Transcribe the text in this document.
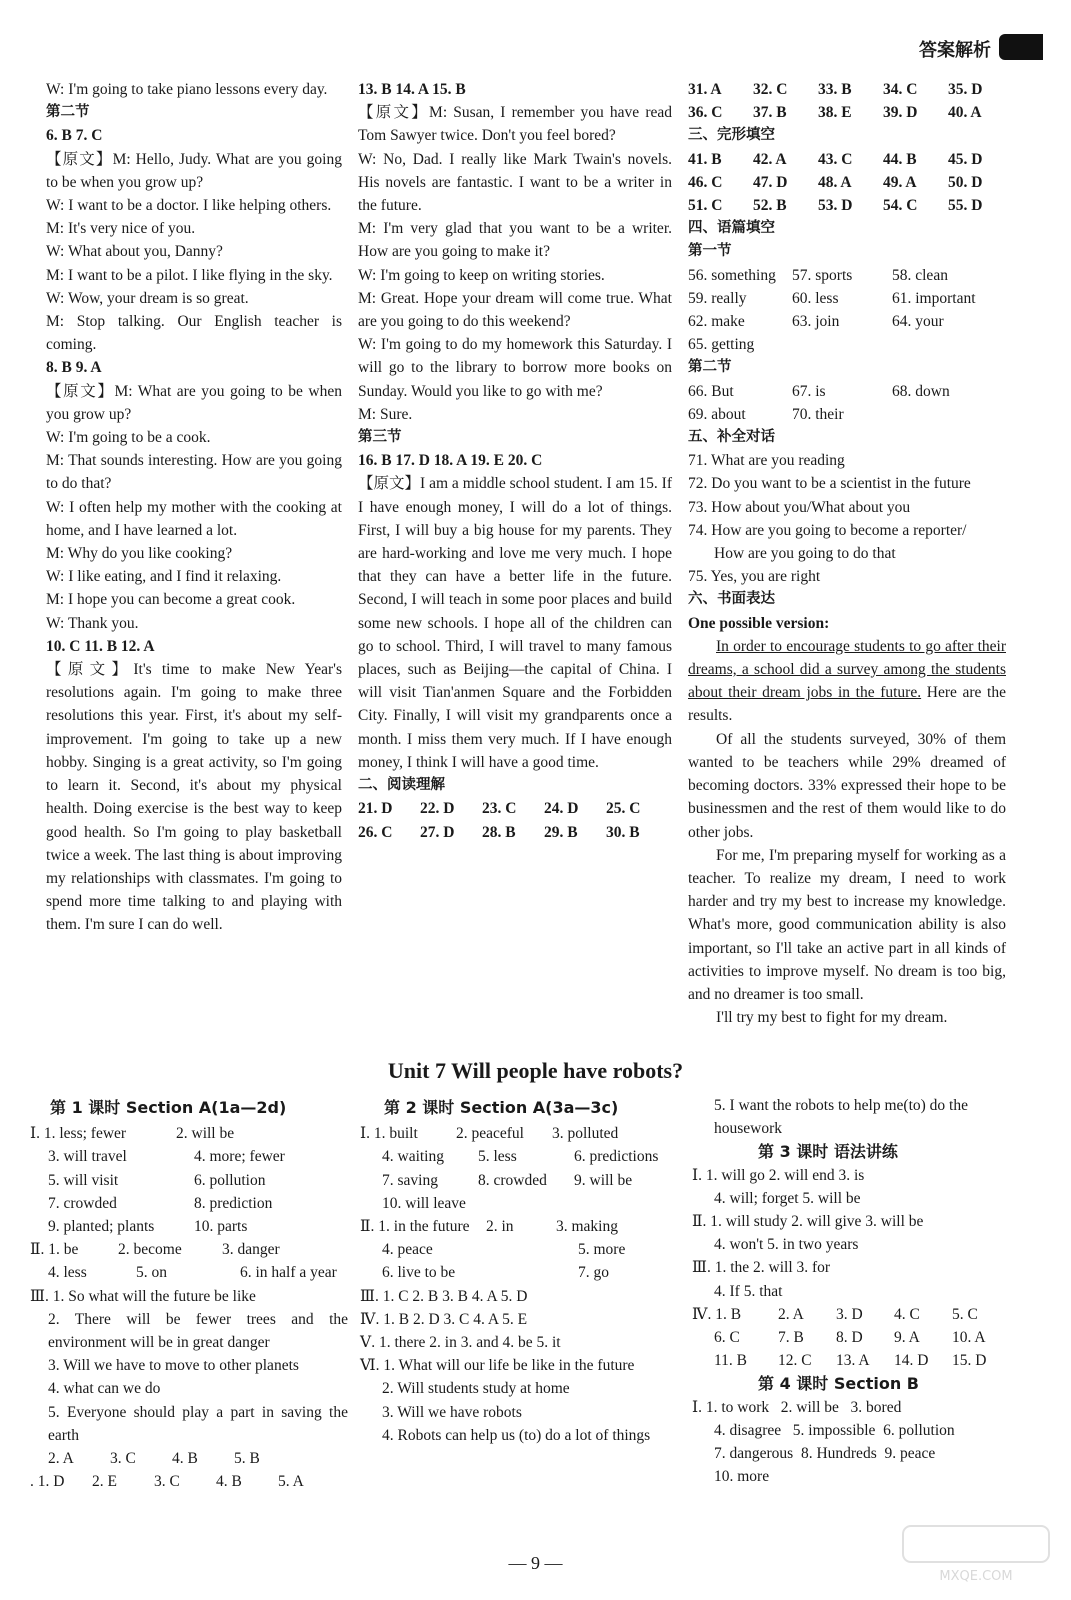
答案解析
W: I'm going to take piano lessons every day.
第二节
6. B 7. C
【原文】M: Hello, Judy. What are you going to be when you grow up?
W: I want to be a doctor. I like helping others.
M: It's very nice of you.
W: What about you, Danny?
M: I want to be a pilot. I like flying in the sky.
W: Wow, your dream is so great.
M: Stop talking. Our English teacher is coming.
8. B 9. A
【原文】M: What are you going to be when you grow up?
W: I'm going to be a cook.
M: That sounds interesting. How are you going to do that?
W: I often help my mother with the cooking at home, and I have learned a lot.
M: Why do you like cooking?
W: I like eating, and I find it relaxing.
M: I hope you can become a great cook.
W: Thank you.
10. C 11. B 12. A
【原文】It's time to make New Year's resolutions again. I'm going to make three resolutions this year. First, it's about my self-improvement. I'm going to take up a new hobby. Singing is a great activity, so I'm going to learn it. Second, it's about my physical health. Doing exercise is the best way to keep good health. So I'm going to play basketball twice a week. The last thing is about improving my relationships with classmates. I'm going to spend more time talking to and playing with them. I'm sure I can do well.
13. B 14. A 15. B
【原文】M: Susan, I remember you have read Tom Sawyer twice. Don't you feel bored?
W: No, Dad. I really like Mark Twain's novels. His novels are fantastic. I want to be a writer in the future.
M: I'm very glad that you want to be a writer. How are you going to make it?
W: I'm going to keep on writing stories.
M: Great. Hope your dream will come true. What are you going to do this weekend?
W: I'm going to do my homework this Saturday. I will go to the library to borrow more books on Sunday. Would you like to go with me?
M: Sure.
第三节
16. B 17. D 18. A 19. E 20. C
【原文】I am a middle school student. I am 15. If I have enough money, I will do a lot of things. First, I will buy a big house for my parents. They are hard-working and love me very much. I hope that they can have a better life in the future. Second, I will teach in some poor places and build some new schools. I hope all of the children can go to school. Third, I will travel to many famous places, such as Beijing—the capital of China. I will visit Tian'anmen Square and the Forbidden City. Finally, I will visit my grandparents once a month. I miss them very much. If I have enough money, I think I will have a good time.
二、阅读理解
21. D 22. D 23. C 24. D 25. C
26. C 27. D 28. B 29. B 30. B
31. A 32. C 33. B 34. C 35. D
36. C 37. B 38. E 39. D 40. A
三、完形填空
41. B 42. A 43. C 44. B 45. D
46. C 47. D 48. A 49. A 50. D
51. C 52. B 53. D 54. C 55. D
四、语篇填空
第一节
56. something 57. sports	58. clean
59. really	60. less	61. important
62. make	63. join	64. your
65. getting
第二节
66. But	67. is	68. down
69. about	70. their
五、补全对话
71. What are you reading
72. Do you want to be a scientist in the future
73. How about you/What about you
74. How are you going to become a reporter/
How are you going to do that
75. Yes, you are right
六、书面表达
One possible version:
In order to encourage students to go after their dreams, a school did a survey among the students about their dream jobs in the future. Here are the results.
Of all the students surveyed, 30% of them wanted to be teachers while 29% dreamed of becoming doctors. 33% expressed their hope to be businessmen and the rest of them would like to do other jobs.
For me, I'm preparing myself for working as a teacher. To realize my dream, I need to work harder and try my best to increase my knowledge. What's more, good communication ability is also important, so I'll take an active part in all kinds of activities to improve myself. No dream is too big, and no dreamer is too small.
I'll try my best to fight for my dream.
Unit 7 Will people have robots?
第 1 课时 Section A(1a—2d)
Ⅰ. 1. less; fewer	2. will be
3. will travel	4. more; fewer
5. will visit	6. pollution
7. crowded	8. prediction
9. planted; plants	10. parts
Ⅱ. 1. be	2. become	3. danger
4. less	5. on	6. in half a year
Ⅲ. 1. So what will the future be like
2. There will be fewer trees and the environment will be in great danger
3. Will we have to move to other planets
4. what can we do
5. Everyone should play a part in saving the earth
2. A 3. C 4. B 5. B
. 1. D 2. E 3. C 4. B 5. A
第 2 课时 Section A(3a—3c)
Ⅰ. 1. built 2. peaceful 3. polluted
4. waiting 5. less	6. predictions
7. saving	8. crowded 9. will be
10. will leave
Ⅱ. 1. in the future 2. in	3. making
4. peace	5. more
6. live to be	7. go
Ⅲ. 1. C 2. B 3. B 4. A 5. D
Ⅳ. 1. B 2. D 3. C 4. A 5. E
Ⅴ. 1. there 2. in 3. and 4. be 5. it
Ⅵ. 1. What will our life be like in the future
2. Will students study at home
3. Will we have robots
4. Robots can help us (to) do a lot of things
5. I want the robots to help me(to) do the housework
第 3 课时 语法讲练
Ⅰ. 1. will go 2. will end 3. is
4. will; forget 5. will be
Ⅱ. 1. will study 2. will give 3. will be
4. won't 5. in two years
Ⅲ. 1. the 2. will 3. for
4. If 5. that
Ⅳ. 1. B 2. A 3. D 4. C 5. C
6. C 7. B 8. D 9. A 10. A
11. B 12. C 13. A 14. D 15. D
第 4 课时 Section B
Ⅰ. 1. to work   2. will be   3. bored
4. disagree   5. impossible  6. pollution
7. dangerous  8. Hundreds  9. peace
10. more
— 9 —
MXQE.COM
